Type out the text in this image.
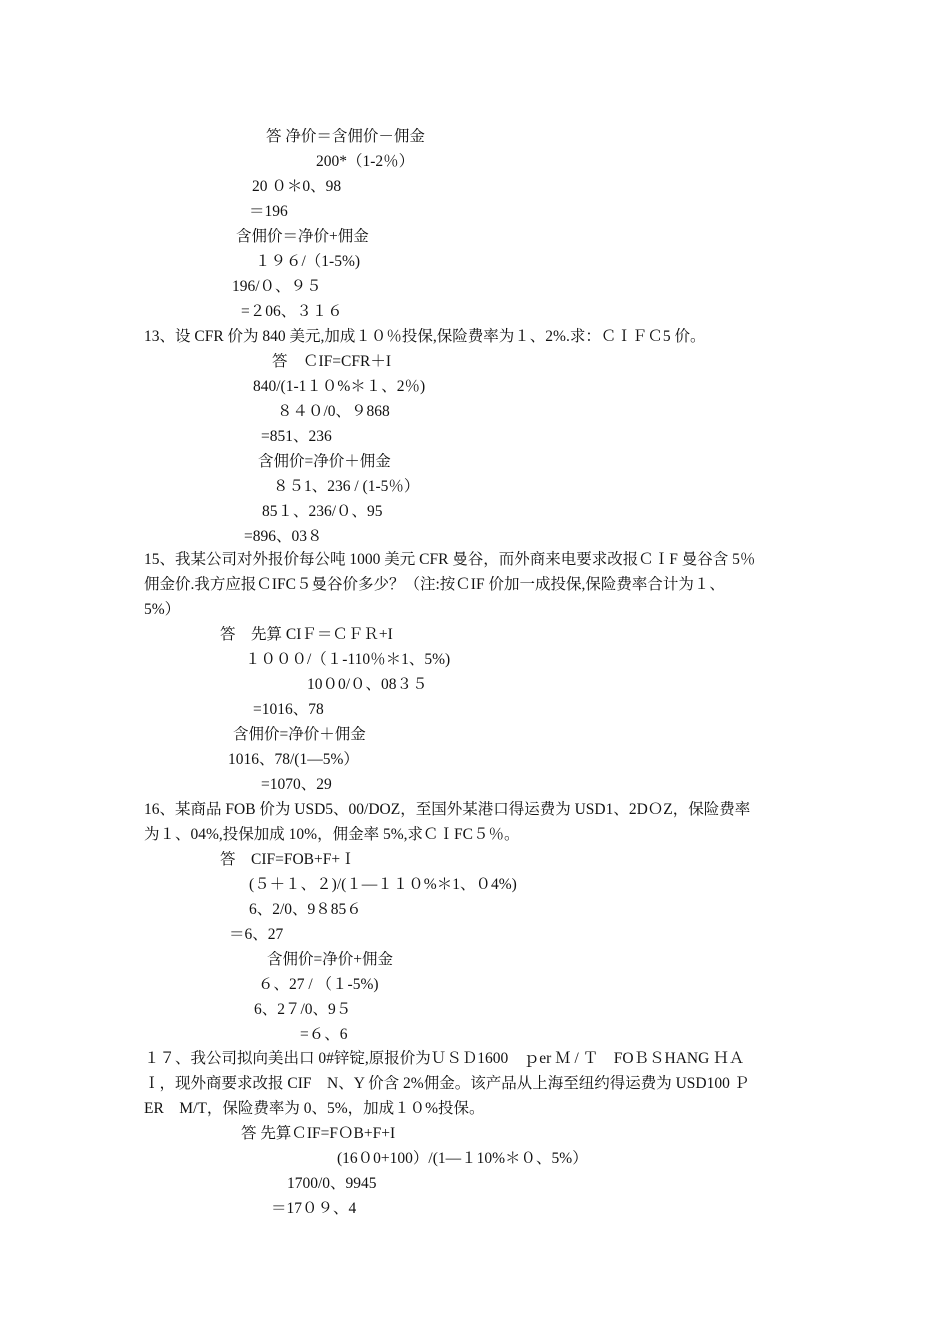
答 净价＝含佣价－佣金
200*（1-2％）
20 ０＊0、98
＝196
含佣价＝净价+佣金
１９６/（1-5%)
196/０、９５
=２06、３１６
13、设 CFR 价为 840 美元,加成１０％投保,保险费率为１、2%.求：ＣＩＦＣ5 价。
答　ＣIF=CFR＋I
840/(1-1１０%＊１、2％)
８４０/0、９868
=851、236
含佣价=净价＋佣金
８５1、236 / (1-5％）
85１、236/０、95
=896、03８
15、我某公司对外报价每公吨 1000 美元 CFR 曼谷，而外商来电要求改报ＣＩF 曼谷含 5％
佣金价.我方应报ＣIFC５曼谷价多少？（注:按ＣIF 价加一成投保,保险费率合计为１、
5%）
答　先算 CIＦ＝ＣＦＲ+I
１０００/（１-110％＊1、5%)
10０0/０、08３５
=1016、78
含佣价=净价＋佣金
1016、78/(1—5%）
=1070、29
16、某商品 FOB 价为 USD5、00/DOZ，至国外某港口得运费为 USD1、2DＯZ，保险费率
为１、04%,投保加成 10%，佣金率 5%,求ＣＩFC５％。
答　CIF=FOB+F+Ｉ
(５＋１、２)/(１—１１０%＊1、０4%)
6、2/0、9８85６
＝6、27
含佣价=净价+佣金
６、27 / （１-5%)
6、2７/0、9５
=６、6
１７、我公司拟向美出口 0#锌锭,原报价为ＵＳＤ1600　ｐer Ｍ / Ｔ　FOＢＳHANG ＨＡ
Ｉ，现外商要求改报 CIF　N、Y 价含 2%佣金。该产品从上海至纽约得运费为 USD100 Ｐ
ER　M/T，保险费率为 0、5%，加成１０%投保。
答 先算ＣIF=FＯB+F+I
(16０0+100）/(1—１10%＊０、5%）
1700/0、9945
＝17０９、4
